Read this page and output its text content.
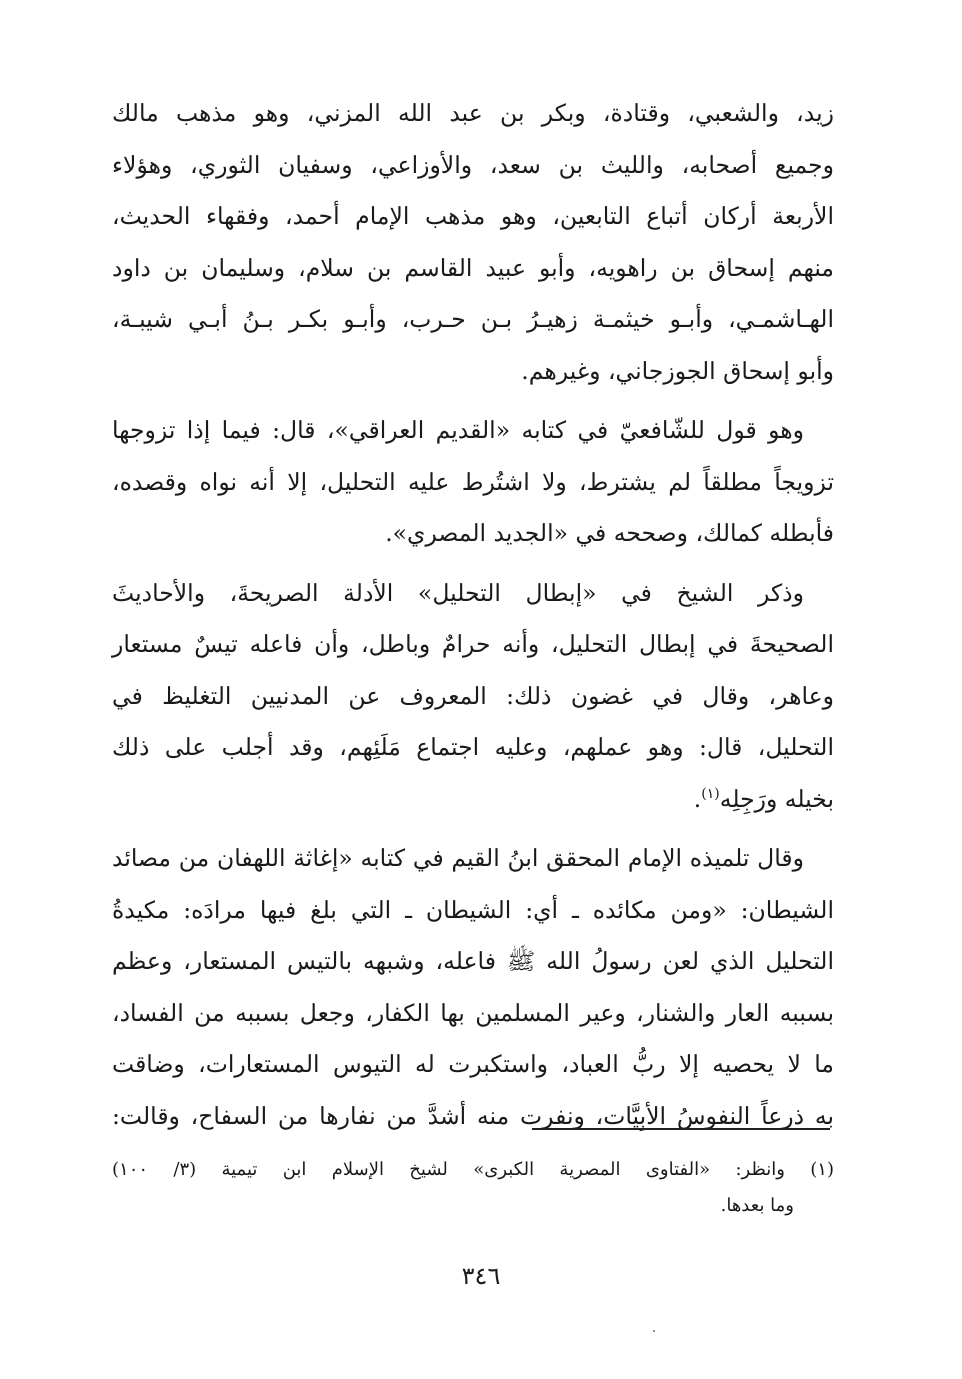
زيد، والشعبي، وقتادة، وبكر بن عبد الله المزني، وهو مذهب مالك
وجميع أصحابه، والليث بن سعد، والأوزاعي، وسفيان الثوري، وهؤلاء
الأربعة أركان أتباع التابعين، وهو مذهب الإمام أحمد، وفقهاء الحديث،
منهم إسحاق بن راهويه، وأبو عبيد القاسم بن سلام، وسليمان بن داود
الهـاشمـي، وأبـو خيثمـة زهيـرُ بـن حـرب، وأبـو بكـر بـنُ أبـي شيبـة،
وأبو إسحاق الجوزجاني، وغيرهم.

وهو قول للشّافعيّ في كتابه «القديم العراقي»، قال: فيما إذا تزوجها
تزويجاً مطلقاً لم يشترط، ولا اشتُرط عليه التحليل، إلا أنه نواه وقصده،
فأبطله كمالك، وصححه في «الجديد المصري».

وذكر الشيخ في «إبطال التحليل» الأدلة الصريحةَ، والأحاديثَ
الصحيحةَ في إبطال التحليل، وأنه حرامٌ وباطل، وأن فاعله تيسٌ مستعار
وعاهر، وقال في غضون ذلك: المعروف عن المدنيين التغليظ في
التحليل، قال: وهو عملهم، وعليه اجتماع مَلَئِهم، وقد أجلب على ذلك
بخيله ورَجِلِه$^{(١)}$.

وقال تلميذه الإمام المحقق ابنُ القيم في كتابه «إغاثة اللهفان من مصائد
الشيطان: «ومن مكائده ـ أي: الشيطان ـ التي بلغ فيها مرادَه: مكيدةُ
التحليل الذي لعن رسولُ الله ﷺ فاعله، وشبهه بالتيس المستعار، وعظم
بسببه العار والشنار، وعير المسلمين بها الكفار، وجعل بسببه من الفساد،
ما لا يحصيه إلا ربُّ العباد، واستكبرت له التيوس المستعارات، وضاقت
به ذرعاً النفوسُ الأبِيَّات، ونفرت منه أشدَّ من نفارها من السفاح، وقالت:

(١) وانظر: «الفتاوى المصرية الكبرى» لشيخ الإسلام ابن تيمية (٣/ ١٠٠)
وما بعدها.
٣٤٦
